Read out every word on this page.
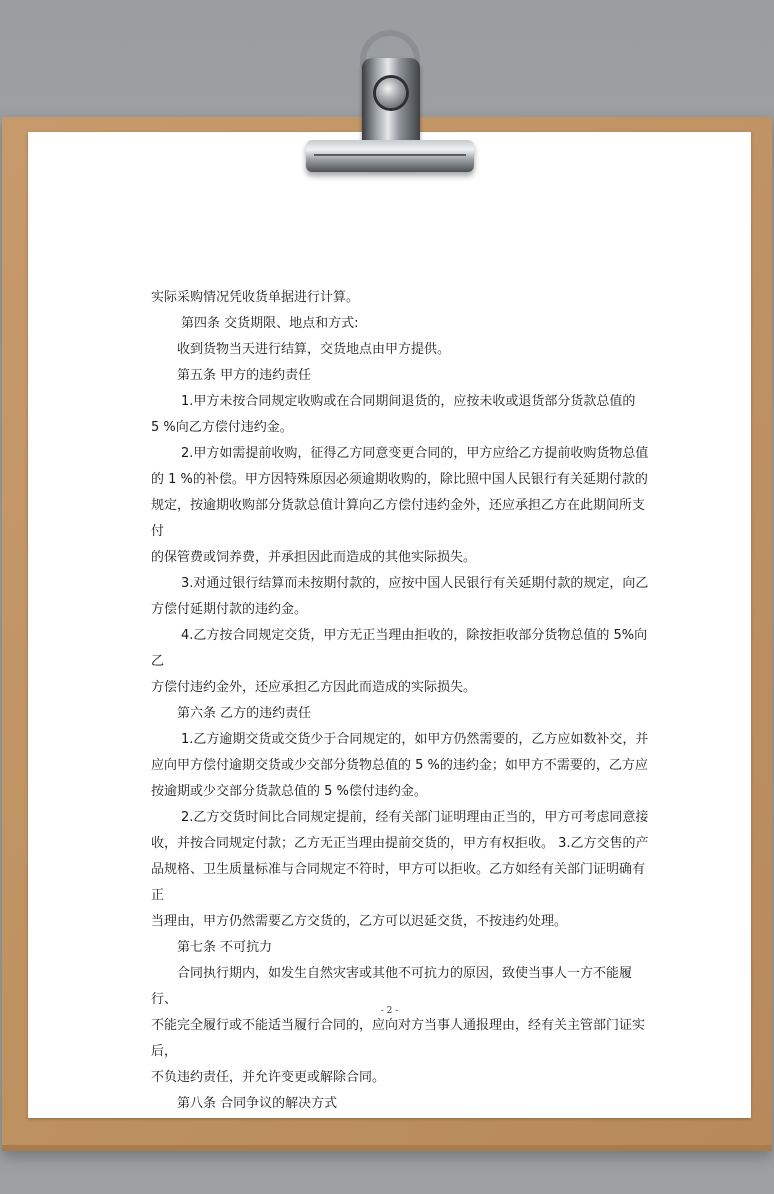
实际采购情况凭收货单据进行计算。

第四条 交货期限、地点和方式:

收到货物当天进行结算，交货地点由甲方提供。

第五条 甲方的违约责任

1.甲方未按合同规定收购或在合同期间退货的，应按未收或退货部分货款总值的

5 %向乙方偿付违约金。

2.甲方如需提前收购，征得乙方同意变更合同的，甲方应给乙方提前收购货物总值

的 1 %的补偿。甲方因特殊原因必须逾期收购的，除比照中国人民银行有关延期付款的

规定，按逾期收购部分货款总值计算向乙方偿付违约金外，还应承担乙方在此期间所支付

的保管费或饲养费，并承担因此而造成的其他实际损失。

3.对通过银行结算而未按期付款的，应按中国人民银行有关延期付款的规定，向乙

方偿付延期付款的违约金。

4.乙方按合同规定交货，甲方无正当理由拒收的，除按拒收部分货物总值的 5%向乙

方偿付违约金外，还应承担乙方因此而造成的实际损失。

第六条 乙方的违约责任

1.乙方逾期交货或交货少于合同规定的，如甲方仍然需要的，乙方应如数补交，并

应向甲方偿付逾期交货或少交部分货物总值的 5 %的违约金；如甲方不需要的，乙方应

按逾期或少交部分货款总值的 5 %偿付违约金。

2.乙方交货时间比合同规定提前，经有关部门证明理由正当的，甲方可考虑同意接

收，并按合同规定付款；乙方无正当理由提前交货的，甲方有权拒收。 3.乙方交售的产

品规格、卫生质量标准与合同规定不符时，甲方可以拒收。乙方如经有关部门证明确有正

当理由，甲方仍然需要乙方交货的，乙方可以迟延交货，不按违约处理。

第七条 不可抗力

合同执行期内，如发生自然灾害或其他不可抗力的原因，致使当事人一方不能履行、

不能完全履行或不能适当履行合同的，应向对方当事人通报理由，经有关主管部门证实后，

不负违约责任，并允许变更或解除合同。

第八条 合同争议的解决方式

- 2 -
